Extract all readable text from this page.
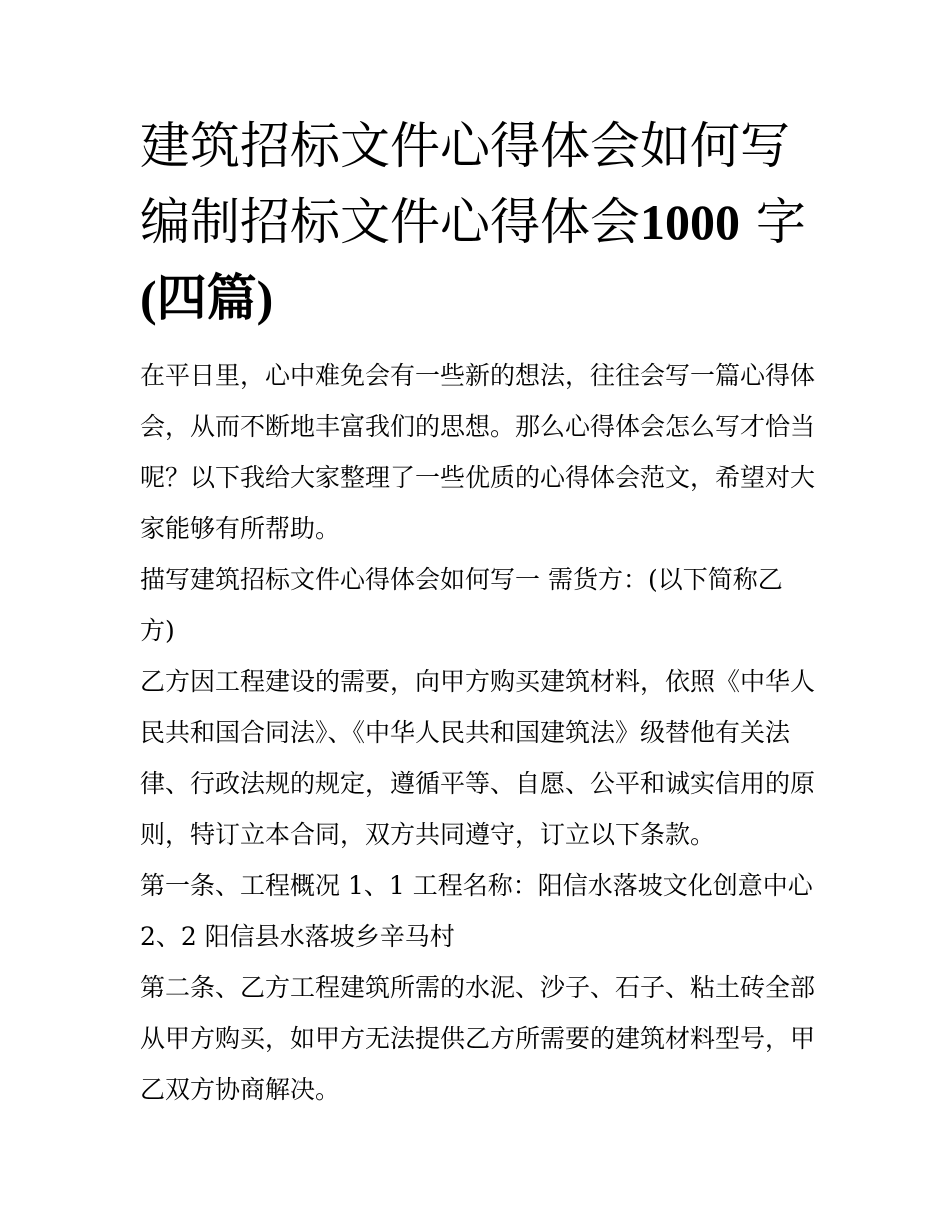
建筑招标文件心得体会如何写
编制招标文件心得体会1000 字
(四篇)

在平日里，心中难免会有一些新的想法，往往会写一篇心得体会，从而不断地丰富我们的思想。那么心得体会怎么写才恰当呢？以下我给大家整理了一些优质的心得体会范文，希望对大家能够有所帮助。

描写建筑招标文件心得体会如何写一 需货方：(以下简称乙方)

乙方因工程建设的需要，向甲方购买建筑材料，依照《中华人民共和国合同法》、《中华人民共和国建筑法》级替他有关法律、行政法规的规定，遵循平等、自愿、公平和诚实信用的原则，特订立本合同，双方共同遵守，订立以下条款。

第一条、工程概况 1、1 工程名称：阳信水落坡文化创意中心

2、2 阳信县水落坡乡辛马村

第二条、乙方工程建筑所需的水泥、沙子、石子、粘土砖全部从甲方购买，如甲方无法提供乙方所需要的建筑材料型号，甲乙双方协商解决。
